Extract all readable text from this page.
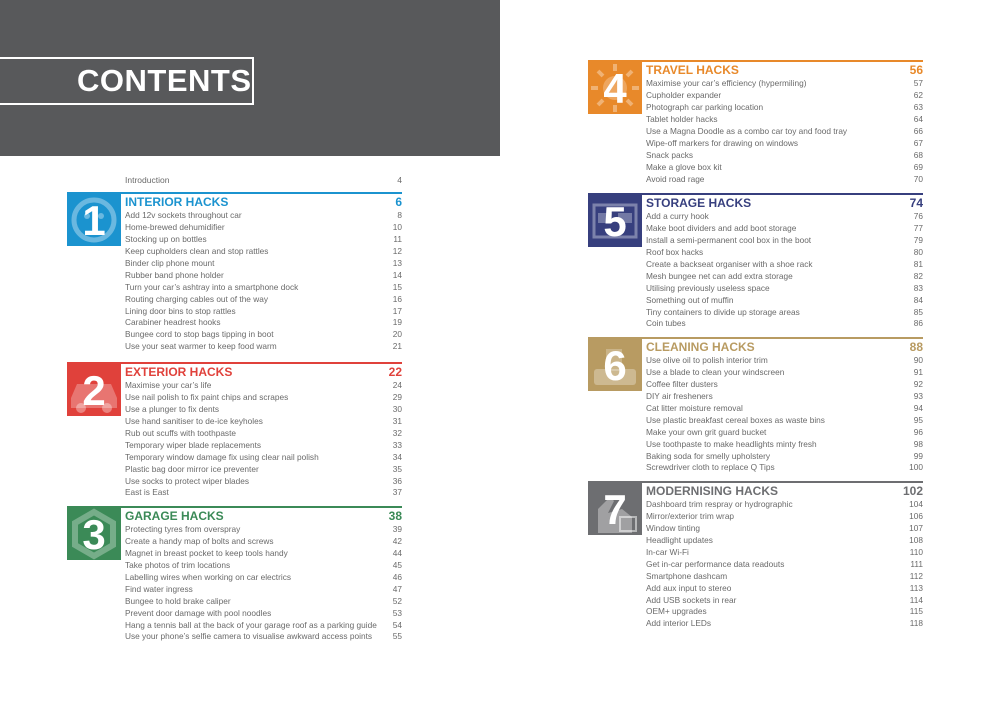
CONTENTS
Introduction	4
1	INTERIOR HACKS	6
Add 12v sockets throughout car	8
Home-brewed dehumidifier	10
Stocking up on bottles	11
Keep cupholders clean and stop rattles	12
Binder clip phone mount	13
Rubber band phone holder	14
Turn your car’s ashtray into a smartphone dock	15
Routing charging cables out of the way	16
Lining door bins to stop rattles	17
Carabiner headrest hooks	19
Bungee cord to stop bags tipping in boot	20
Use your seat warmer to keep food warm	21
2	EXTERIOR HACKS	22
Maximise your car’s life	24
Use nail polish to fix paint chips and scrapes	29
Use a plunger to fix dents	30
Use hand sanitiser to de-ice keyholes	31
Rub out scuffs with toothpaste	32
Temporary wiper blade replacements	33
Temporary window damage fix using clear nail polish	34
Plastic bag door mirror ice preventer	35
Use socks to protect wiper blades	36
East is East	37
3	GARAGE HACKS	38
Protecting tyres from overspray	39
Create a handy map of bolts and screws	42
Magnet in breast pocket to keep tools handy	44
Take photos of trim locations	45
Labelling wires when working on car electrics	46
Find water ingress	47
Bungee to hold brake caliper	52
Prevent door damage with pool noodles	53
Hang a tennis ball at the back of your garage roof as a parking guide 54
Use your phone’s selfie camera to visualise awkward access points 55
4	TRAVEL HACKS	56
Maximise your car’s efficiency (hypermiling)	57
Cupholder expander	62
Photograph car parking location	63
Tablet holder hacks	64
Use a Magna Doodle as a combo car toy and food tray	66
Wipe-off markers for drawing on windows	67
Snack packs	68
Make a glove box kit	69
Avoid road rage	70
5	STORAGE HACKS	74
Add a curry hook	76
Make boot dividers and add boot storage	77
Install a semi-permanent cool box in the boot	79
Roof box hacks	80
Create a backseat organiser with a shoe rack	81
Mesh bungee net can add extra storage	82
Utilising previously useless space	83
Something out of muffin	84
Tiny containers to divide up storage areas	85
Coin tubes	86
6	CLEANING HACKS	88
Use olive oil to polish interior trim	90
Use a blade to clean your windscreen	91
Coffee filter dusters	92
DIY air fresheners	93
Cat litter moisture removal	94
Use plastic breakfast cereal boxes as waste bins	95
Make your own grit guard bucket	96
Use toothpaste to make headlights minty fresh	98
Baking soda for smelly upholstery	99
Screwdriver cloth to replace Q Tips	100
7	MODERNISING HACKS	102
Dashboard trim respray or hydrographic	104
Mirror/exterior trim wrap	106
Window tinting	107
Headlight updates	108
In-car Wi-Fi	110
Get in-car performance data readouts	111
Smartphone dashcam	112
Add aux input to stereo	113
Add USB sockets in rear	114
OEM+ upgrades	115
Add interior LEDs	118
